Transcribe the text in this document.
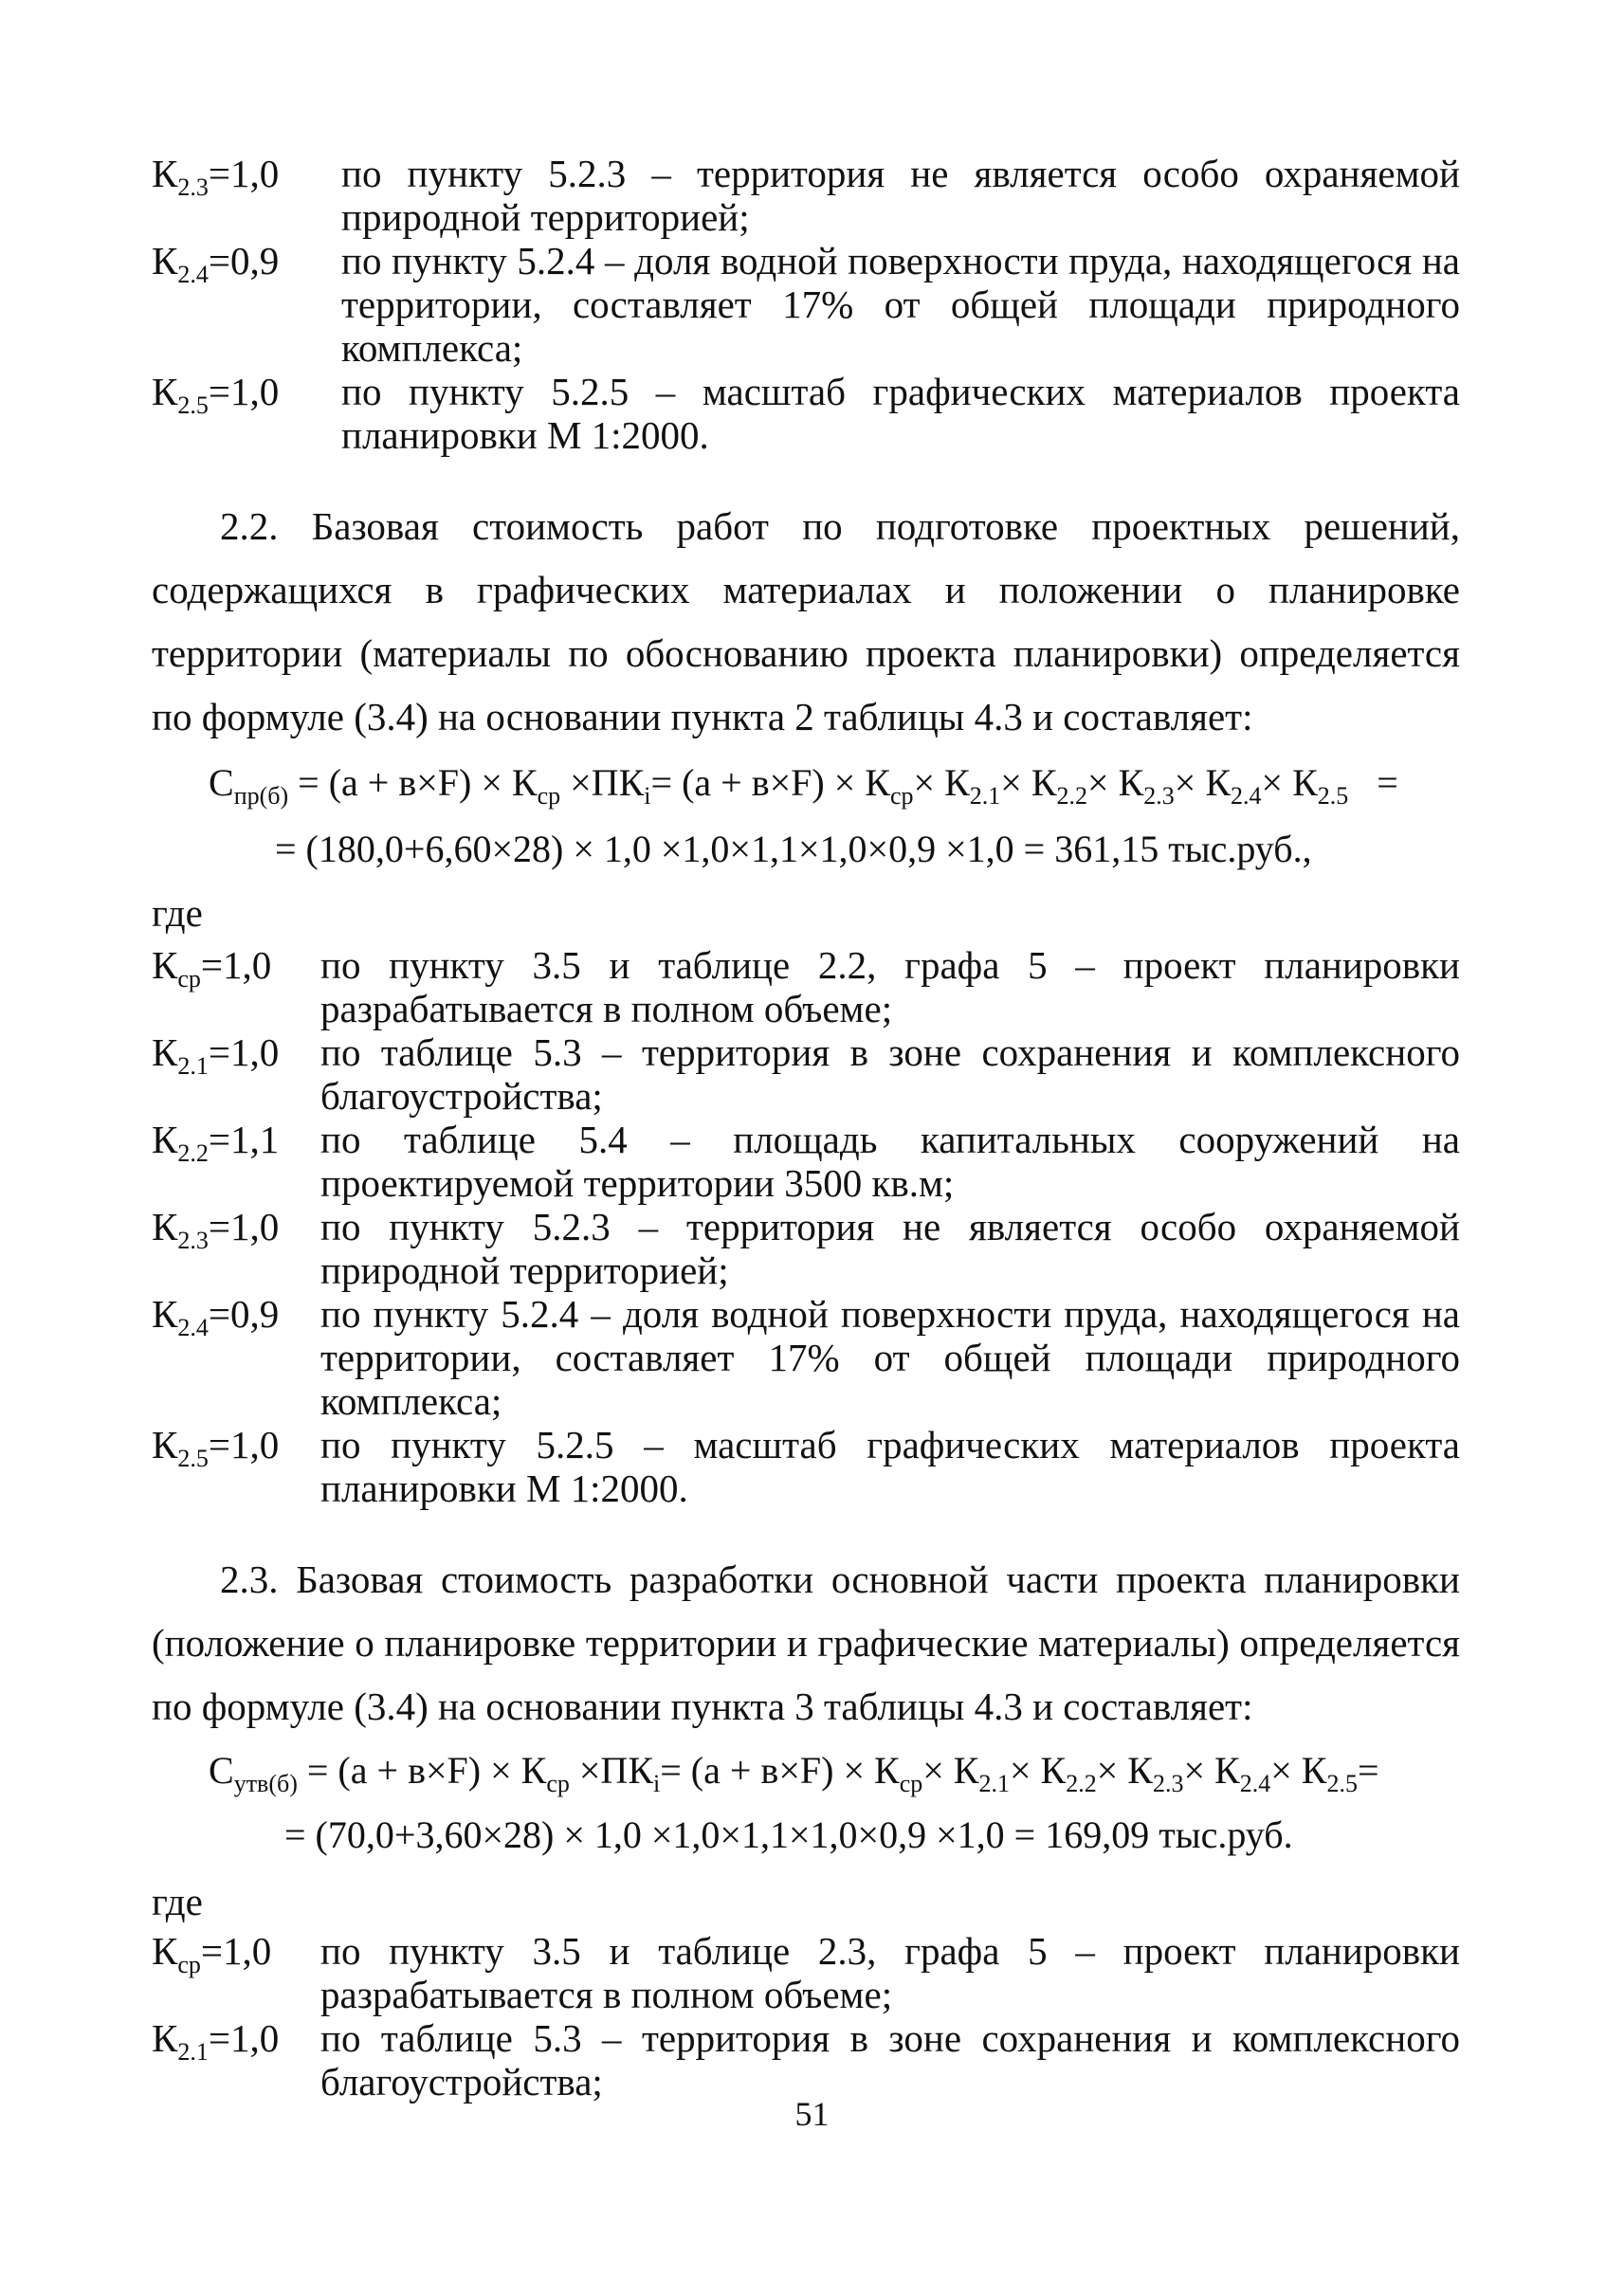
$К_{2.3}=1,0$	по пункту 5.2.3 – территория не является особо охраняемой природной территорией;
$К_{2.4}=0,9$	по пункту 5.2.4 – доля водной поверхности пруда, находящегося на территории, составляет 17% от общей площади природного комплекса;
$К_{2.5}=1,0$	по пункту 5.2.5 – масштаб графических материалов проекта планировки М 1:2000.
2.2. Базовая стоимость работ по подготовке проектных решений, содержащихся в графических материалах и положении о планировке территории (материалы по обоснованию проекта планировки) определяется по формуле (3.4) на основании пункта 2 таблицы 4.3 и составляет:
$С_{пр(б)} = (а + в\times F) \times К_{ср} \times ПК_i= (а + в\times F) \times К_{ср}\times К_{2.1}\times К_{2.2}\times К_{2.3}\times К_{2.4}\times К_{2.5}$   =
= (180,0+6,60×28) × 1,0 ×1,0×1,1×1,0×0,9 ×1,0 = 361,15 тыс.руб.,
где
$К_{ср}=1,0$	по пункту 3.5 и таблице 2.2, графа 5 – проект планировки разрабатывается в полном объеме;
$К_{2.1}=1,0$	по таблице 5.3 – территория в зоне сохранения и комплексного благоустройства;
$К_{2.2}=1,1$	по таблице 5.4 – площадь капитальных сооружений на проектируемой территории 3500 кв.м;
$К_{2.3}=1,0$	по пункту 5.2.3 – территория не является особо охраняемой природной территорией;
$К_{2.4}=0,9$	по пункту 5.2.4 – доля водной поверхности пруда, находящегося на территории, составляет 17% от общей площади природного комплекса;
$К_{2.5}=1,0$	по пункту 5.2.5 – масштаб графических материалов проекта планировки М 1:2000.
2.3. Базовая стоимость разработки основной части проекта планировки (положение о планировке территории и графические материалы) определяется по формуле (3.4) на основании пункта 3 таблицы 4.3 и составляет:
$С_{утв(б)} = (а + в\times F) \times К_{ср} \times ПК_i= (а + в\times F) \times К_{ср}\times К_{2.1}\times К_{2.2}\times К_{2.3}\times К_{2.4}\times К_{2.5}=$
= (70,0+3,60×28) × 1,0 ×1,0×1,1×1,0×0,9 ×1,0 = 169,09 тыс.руб.
где
$К_{ср}=1,0$	по пункту 3.5 и таблице 2.3, графа 5 – проект планировки разрабатывается в полном объеме;
$К_{2.1}=1,0$	по таблице 5.3 – территория в зоне сохранения и комплексного благоустройства;
51
